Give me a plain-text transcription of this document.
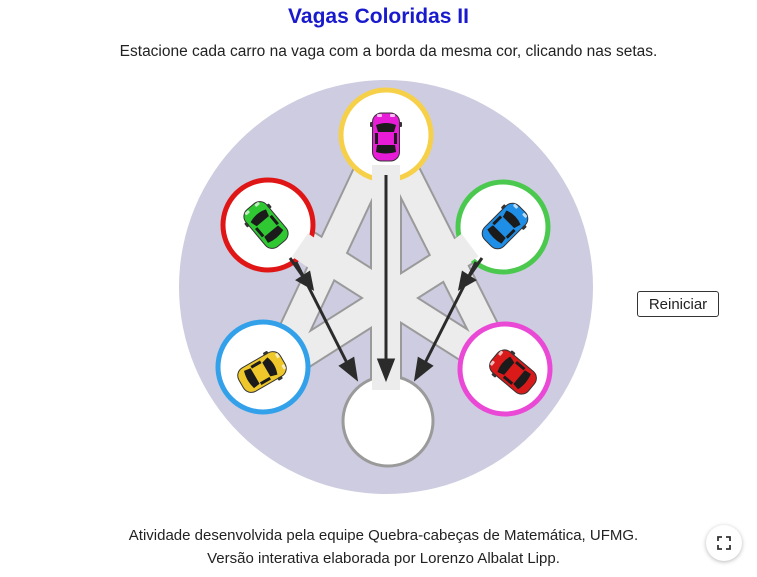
Vagas Coloridas II
Estacione cada carro na vaga com a borda da mesma cor, clicando nas setas.
Reiniciar
Atividade desenvolvida pela equipe Quebra-cabeças de Matemática, UFMG.
Versão interativa elaborada por Lorenzo Albalat Lipp.
